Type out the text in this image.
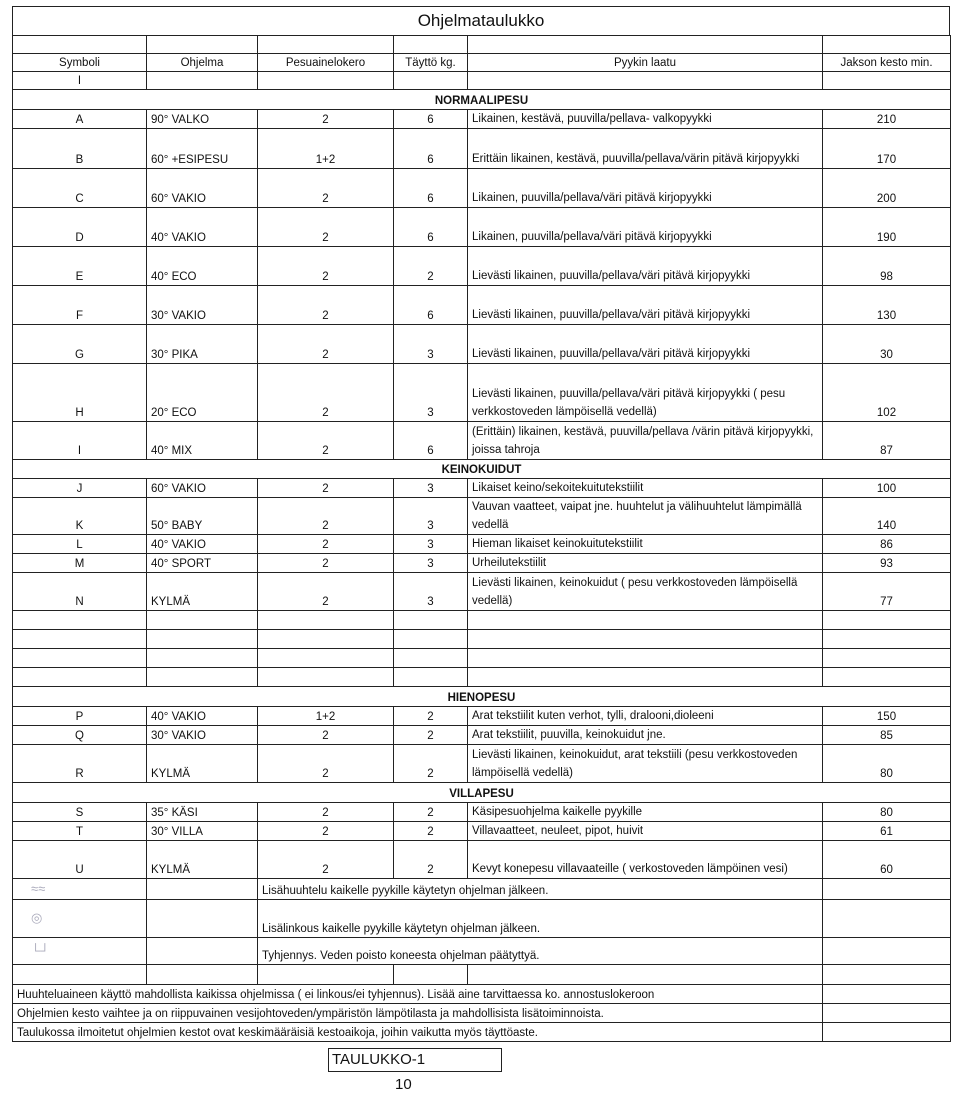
Ohjelmataulukko

Symboli	Ohjelma	Pesuainelokero	Täyttö kg.	Pyykin laatu	Jakson kesto min.
I					
NORMAALIPESU					
A	90° VALKO	2	6	Likainen, kestävä, puuvilla/pellava- valkopyykki	210
B	60° +ESIPESU	1+2	6	Erittäin likainen, kestävä, puuvilla/pellava/värin pitävä kirjopyykki	170
C	60° VAKIO	2	6	Likainen, puuvilla/pellava/väri pitävä kirjopyykki	200
D	40° VAKIO	2	6	Likainen, puuvilla/pellava/väri pitävä kirjopyykki	190
E	40° ECO	2	2	Lievästi likainen, puuvilla/pellava/väri pitävä kirjopyykki	98
F	30° VAKIO	2	6	Lievästi likainen, puuvilla/pellava/väri pitävä kirjopyykki	130
G	30° PIKA	2	3	Lievästi likainen, puuvilla/pellava/väri pitävä kirjopyykki	30
H	20° ECO	2	3	Lievästi likainen, puuvilla/pellava/väri pitävä kirjopyykki ( pesu verkkostoveden lämpöisellä vedellä)	102
I	40° MIX	2	6	(Erittäin) likainen, kestävä, puuvilla/pellava /värin pitävä kirjopyykki, joissa tahroja	87
KEINOKUIDUT					
J	60° VAKIO	2	3	Likaiset keino/sekoitekuitutekstiilit	100
K	50° BABY	2	3	Vauvan vaatteet, vaipat jne. huuhtelut ja välihuuhtelut lämpimällä vedellä	140
L	40° VAKIO	2	3	Hieman likaiset keinokuitutekstiilit	86
M	40° SPORT	2	3	Urheilutekstiilit	93
N	KYLMÄ	2	3	Lievästi likainen, keinokuidut ( pesu verkkostoveden lämpöisellä vedellä)	77

HIENOPESU					
P	40° VAKIO	1+2	2	Arat tekstiilit kuten verhot, tylli, dralooni,dioleeni	150
Q	30° VAKIO	2	2	Arat tekstiilit, puuvilla, keinokuidut jne.	85
R	KYLMÄ	2	2	Lievästi likainen, keinokuidut, arat tekstiili (pesu verkkostoveden lämpöisellä vedellä)	80
VILLAPESU					
S	35° KÄSI	2	2	Käsipesuohjelma kaikelle pyykille	80
T	30° VILLA	2	2	Villavaatteet, neuleet, pipot, huivit	61
U	KYLMÄ	2	2	Kevyt konepesu villavaateille ( verkostoveden lämpöinen vesi)	60
≈≈		Lisähuuhtelu kaikelle pyykille käytetyn ohjelman jälkeen.			
◎		Lisälinkous kaikelle pyykille käytetyn ohjelman jälkeen.			
└┘		Tyhjennys. Veden poisto koneesta ohjelman päätyttyä.			

Huuhteluaineen käyttö mahdollista kaikissa ohjelmissa ( ei linkous/ei tyhjennus). Lisää aine tarvittaessa ko. annostuslokeroon					
Ohjelmien kesto vaihtee ja on riippuvainen vesijohtoveden/ympäristön lämpötilasta ja mahdollisista lisätoiminnoista.					
Taulukossa ilmoitetut ohjelmien kestot ovat keskimääräisiä kestoaikoja, joihin vaikutta myös täyttöaste.					
TAULUKKO-1
10
